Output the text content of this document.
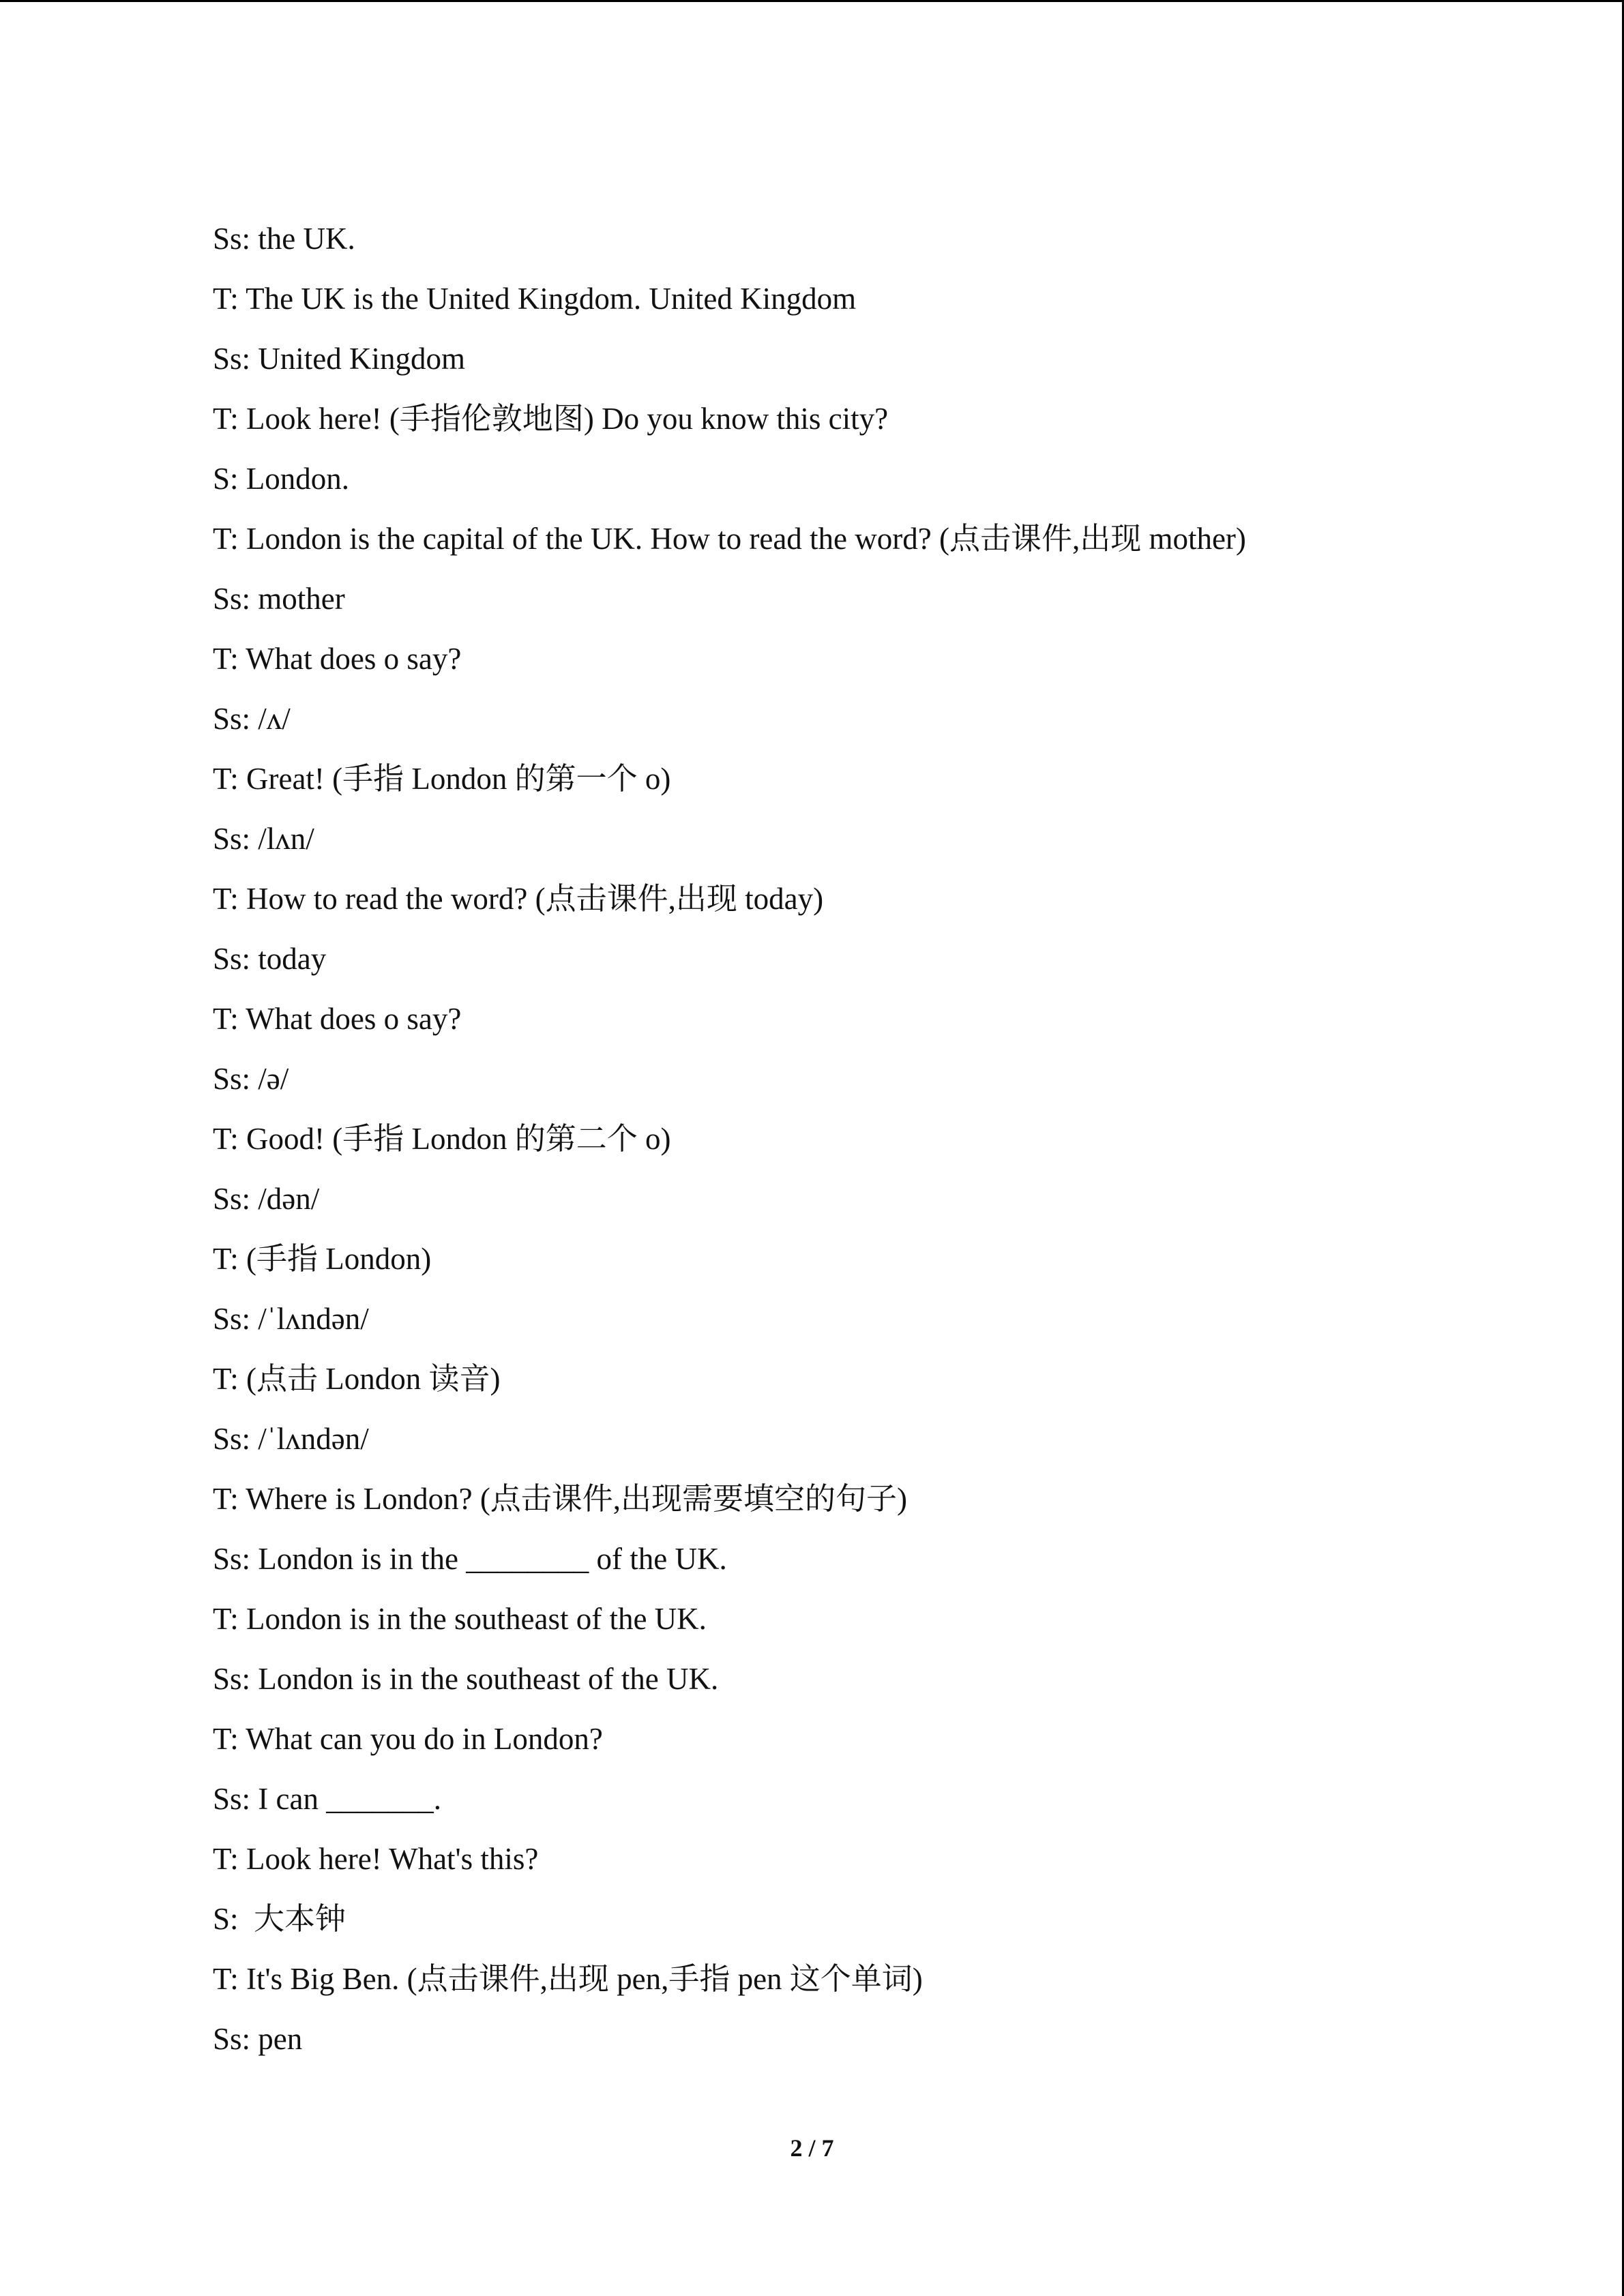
Ss: the UK.
T: The UK is the United Kingdom. United Kingdom
Ss: United Kingdom
T: Look here! (手指伦敦地图) Do you know this city?
S: London.
T: London is the capital of the UK. How to read the word? (点击课件,出现 mother)
Ss: mother
T: What does o say?
Ss: /ʌ/
T: Great! (手指 London 的第一个 o)
Ss: /lʌn/
T: How to read the word? (点击课件,出现 today)
Ss: today
T: What does o say?
Ss: /ə/
T: Good! (手指 London 的第二个 o)
Ss: /dən/
T: (手指 London)
Ss: /ˈlʌndən/
T: (点击 London 读音)
Ss: /ˈlʌndən/
T: Where is London? (点击课件,出现需要填空的句子)
Ss: London is in the ________ of the UK.
T: London is in the southeast of the UK.
Ss: London is in the southeast of the UK.
T: What can you do in London?
Ss: I can _______.
T: Look here! What's this?
S:  大本钟
T: It's Big Ben. (点击课件,出现 pen,手指 pen 这个单词)
Ss: pen
2 / 7
